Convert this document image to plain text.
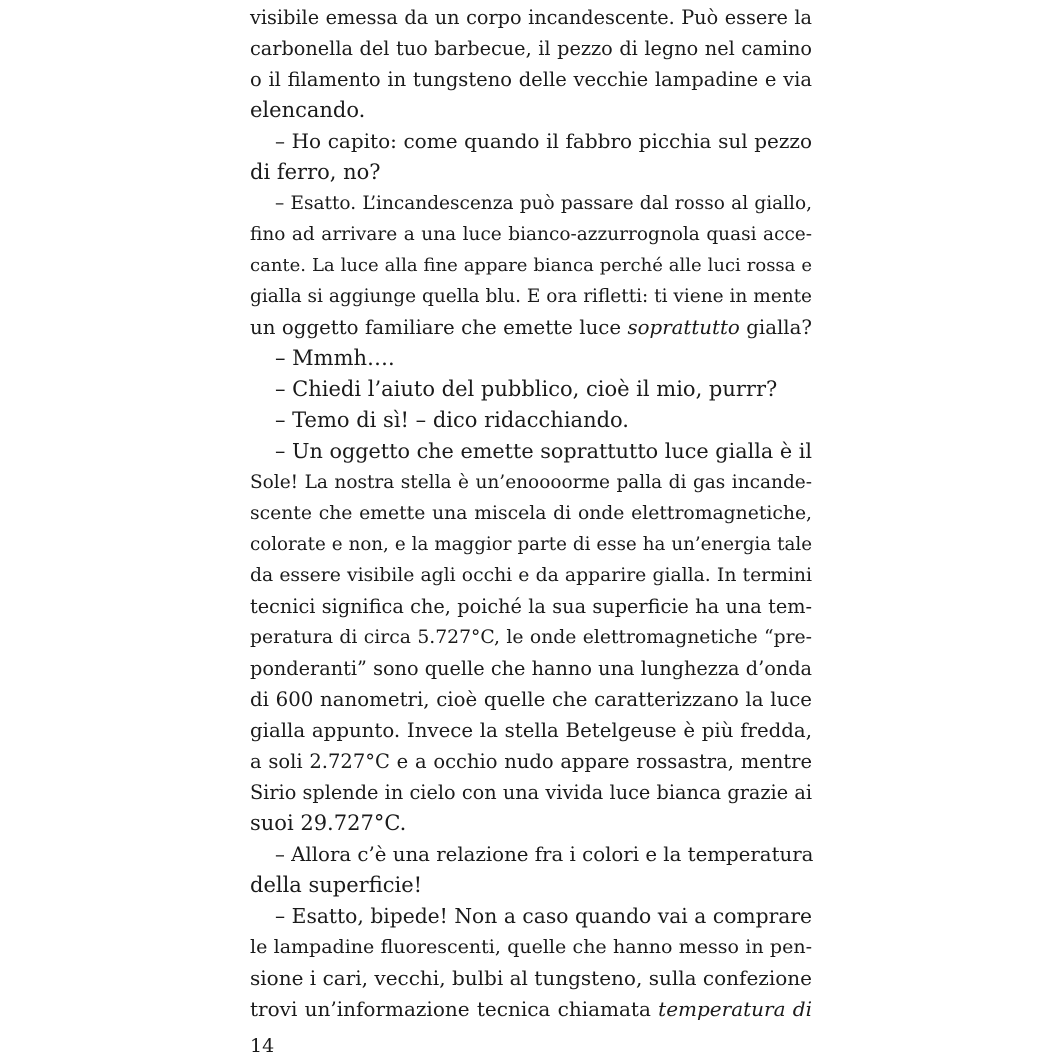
visibile emessa da un corpo incandescente. Può essere la
carbonella del tuo barbecue, il pezzo di legno nel camino
o il filamento in tungsteno delle vecchie lampadine e via
elencando.
– Ho capito: come quando il fabbro picchia sul pezzo
di ferro, no?
– Esatto. L’incandescenza può passare dal rosso al giallo,
fino ad arrivare a una luce bianco-azzurrognola quasi acce-
cante. La luce alla fine appare bianca perché alle luci rossa e
gialla si aggiunge quella blu. E ora rifletti: ti viene in mente
un oggetto familiare che emette luce soprattutto gialla?
– Mmmh….
– Chiedi l’aiuto del pubblico, cioè il mio, purrr?
– Temo di sì! – dico ridacchiando.
– Un oggetto che emette soprattutto luce gialla è il
Sole! La nostra stella è un’enoooorme palla di gas incande-
scente che emette una miscela di onde elettromagnetiche,
colorate e non, e la maggior parte di esse ha un’energia tale
da essere visibile agli occhi e da apparire gialla. In termini
tecnici significa che, poiché la sua superficie ha una tem-
peratura di circa 5.727°C, le onde elettromagnetiche “pre-
ponderanti” sono quelle che hanno una lunghezza d’onda
di 600 nanometri, cioè quelle che caratterizzano la luce
gialla appunto. Invece la stella Betelgeuse è più fredda,
a soli 2.727°C e a occhio nudo appare rossastra, mentre
Sirio splende in cielo con una vivida luce bianca grazie ai
suoi 29.727°C.
– Allora c’è una relazione fra i colori e la temperatura
della superficie!
– Esatto, bipede! Non a caso quando vai a comprare
le lampadine fluorescenti, quelle che hanno messo in pen-
sione i cari, vecchi, bulbi al tungsteno, sulla confezione
trovi un’informazione tecnica chiamata temperatura di
14
